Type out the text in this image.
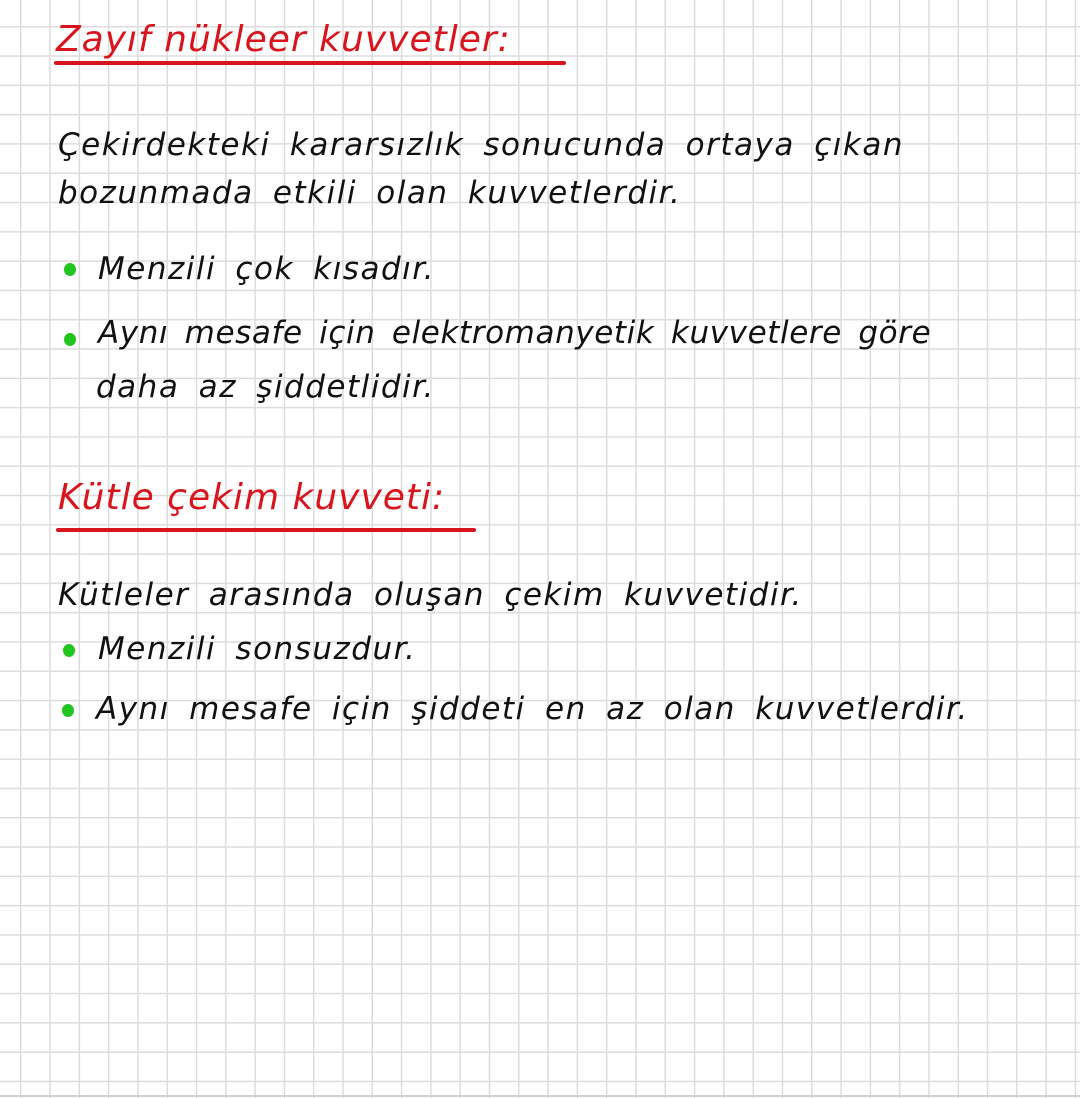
Zayıf nükleer kuvvetler:
Çekirdekteki kararsızlık sonucunda ortaya çıkan
bozunmada etkili olan kuvvetlerdir.
Menzili çok kısadır.
Aynı mesafe için elektromanyetik kuvvetlere göre
daha az şiddetlidir.
Kütle çekim kuvveti:
Kütleler arasında oluşan çekim kuvvetidir.
Menzili sonsuzdur.
Aynı mesafe için şiddeti en az olan kuvvetlerdir.
